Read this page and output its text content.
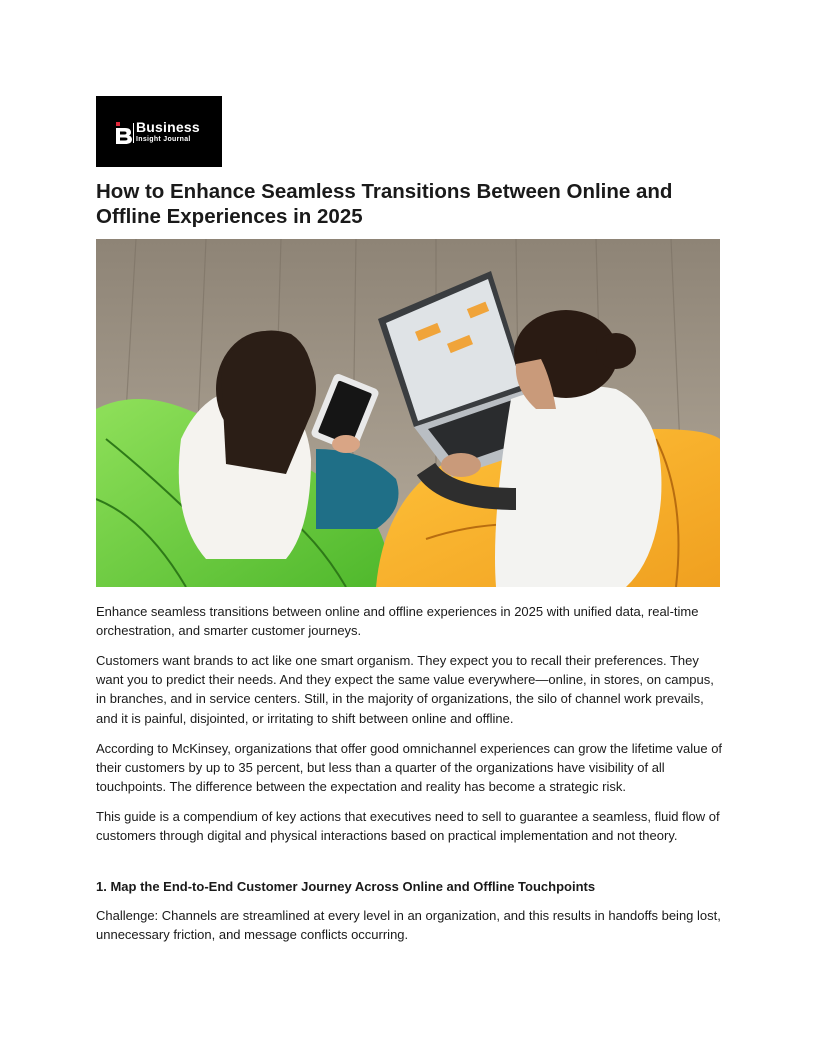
Business
Insight Journal
How to Enhance Seamless Transitions Between Online and Offline Experiences in 2025

Enhance seamless transitions between online and offline experiences in 2025 with unified data, real-time orchestration, and smarter customer journeys.

Customers want brands to act like one smart organism. They expect you to recall their preferences. They want you to predict their needs. And they expect the same value everywhere—online, in stores, on campus, in branches, and in service centers. Still, in the majority of organizations, the silo of channel work prevails, and it is painful, disjointed, or irritating to shift between online and offline.

According to McKinsey, organizations that offer good omnichannel experiences can grow the lifetime value of their customers by up to 35 percent, but less than a quarter of the organizations have visibility of all touchpoints. The difference between the expectation and reality has become a strategic risk.

This guide is a compendium of key actions that executives need to sell to guarantee a seamless, fluid flow of customers through digital and physical interactions based on practical implementation and not theory.

1. Map the End-to-End Customer Journey Across Online and Offline Touchpoints

Challenge: Channels are streamlined at every level in an organization, and this results in handoffs being lost, unnecessary friction, and message conflicts occurring.
